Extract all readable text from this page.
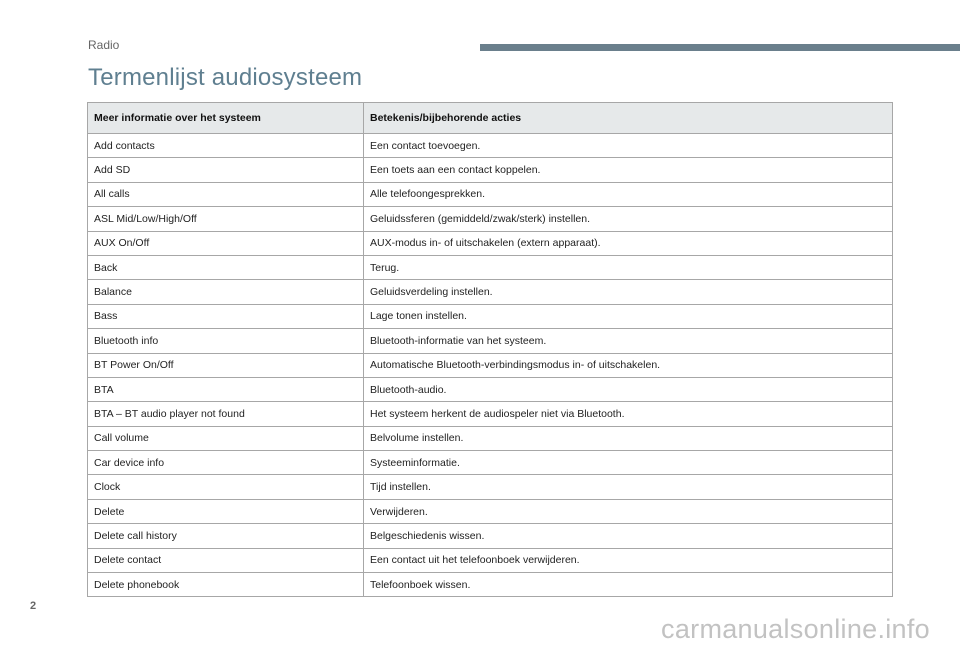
Radio
Termenlijst audiosysteem
Meer informatie over het systeem	Betekenis/bijbehorende acties
Add contacts	Een contact toevoegen.
Add SD	Een toets aan een contact koppelen.
All calls	Alle telefoongesprekken.
ASL Mid/Low/High/Off	Geluidssferen (gemiddeld/zwak/sterk) instellen.
AUX On/Off	AUX-modus in- of uitschakelen (extern apparaat).
Back	Terug.
Balance	Geluidsverdeling instellen.
Bass	Lage tonen instellen.
Bluetooth info	Bluetooth-informatie van het systeem.
BT Power On/Off	Automatische Bluetooth-verbindingsmodus in- of uitschakelen.
BTA	Bluetooth-audio.
BTA – BT audio player not found	Het systeem herkent de audiospeler niet via Bluetooth.
Call volume	Belvolume instellen.
Car device info	Systeeminformatie.
Clock	Tijd instellen.
Delete	Verwijderen.
Delete call history	Belgeschiedenis wissen.
Delete contact	Een contact uit het telefoonboek verwijderen.
Delete phonebook	Telefoonboek wissen.
2
carmanualsonline.info
